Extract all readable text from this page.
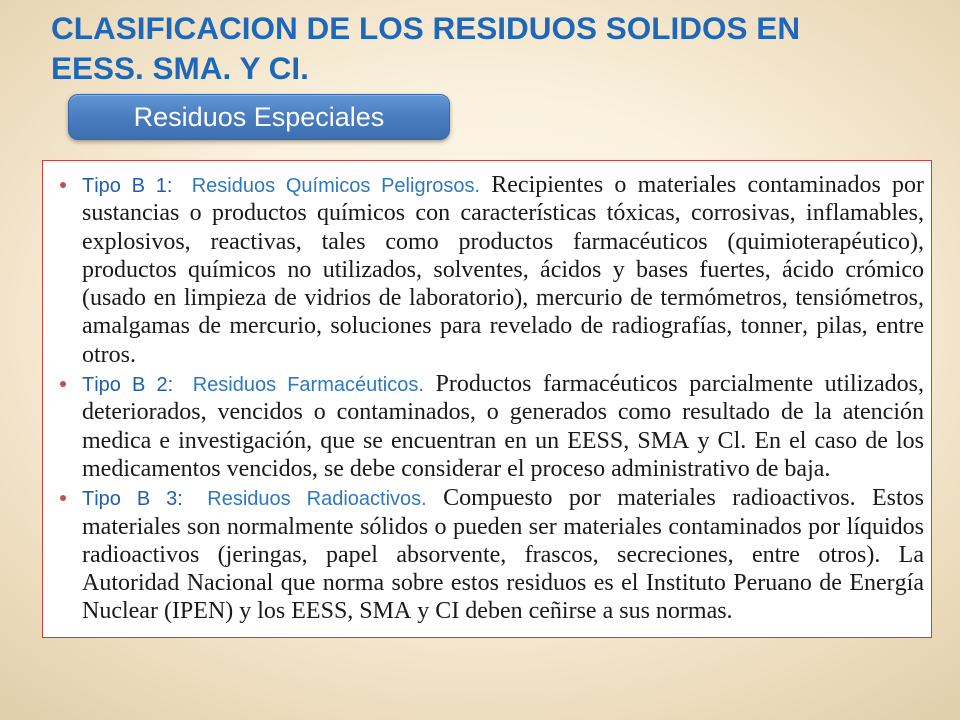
CLASIFICACION DE LOS RESIDUOS SOLIDOS EN EESS. SMA. Y CI.
Residuos Especiales
Tipo B 1: Residuos Químicos Peligrosos. Recipientes o materiales contaminados por sustancias o productos químicos con características tóxicas, corrosivas, inflamables, explosivos, reactivas, tales como productos farmacéuticos (quimioterapéutico), productos químicos no utilizados, solventes, ácidos y bases fuertes, ácido crómico (usado en limpieza de vidrios de laboratorio), mercurio de termómetros, tensiómetros, amalgamas de mercurio, soluciones para revelado de radiografías, tonner, pilas, entre otros.
Tipo B 2: Residuos Farmacéuticos. Productos farmacéuticos parcialmente utilizados, deteriorados, vencidos o contaminados, o generados como resultado de la atención medica e investigación, que se encuentran en un EESS, SMA y Cl. En el caso de los medicamentos vencidos, se debe considerar el proceso administrativo de baja.
Tipo B 3: Residuos Radioactivos. Compuesto por materiales radioactivos. Estos materiales son normalmente sólidos o pueden ser materiales contaminados por líquidos radioactivos (jeringas, papel absorvente, frascos, secreciones, entre otros). La Autoridad Nacional que norma sobre estos residuos es el Instituto Peruano de Energía Nuclear (IPEN) y los EESS, SMA y CI deben ceñirse a sus normas.
